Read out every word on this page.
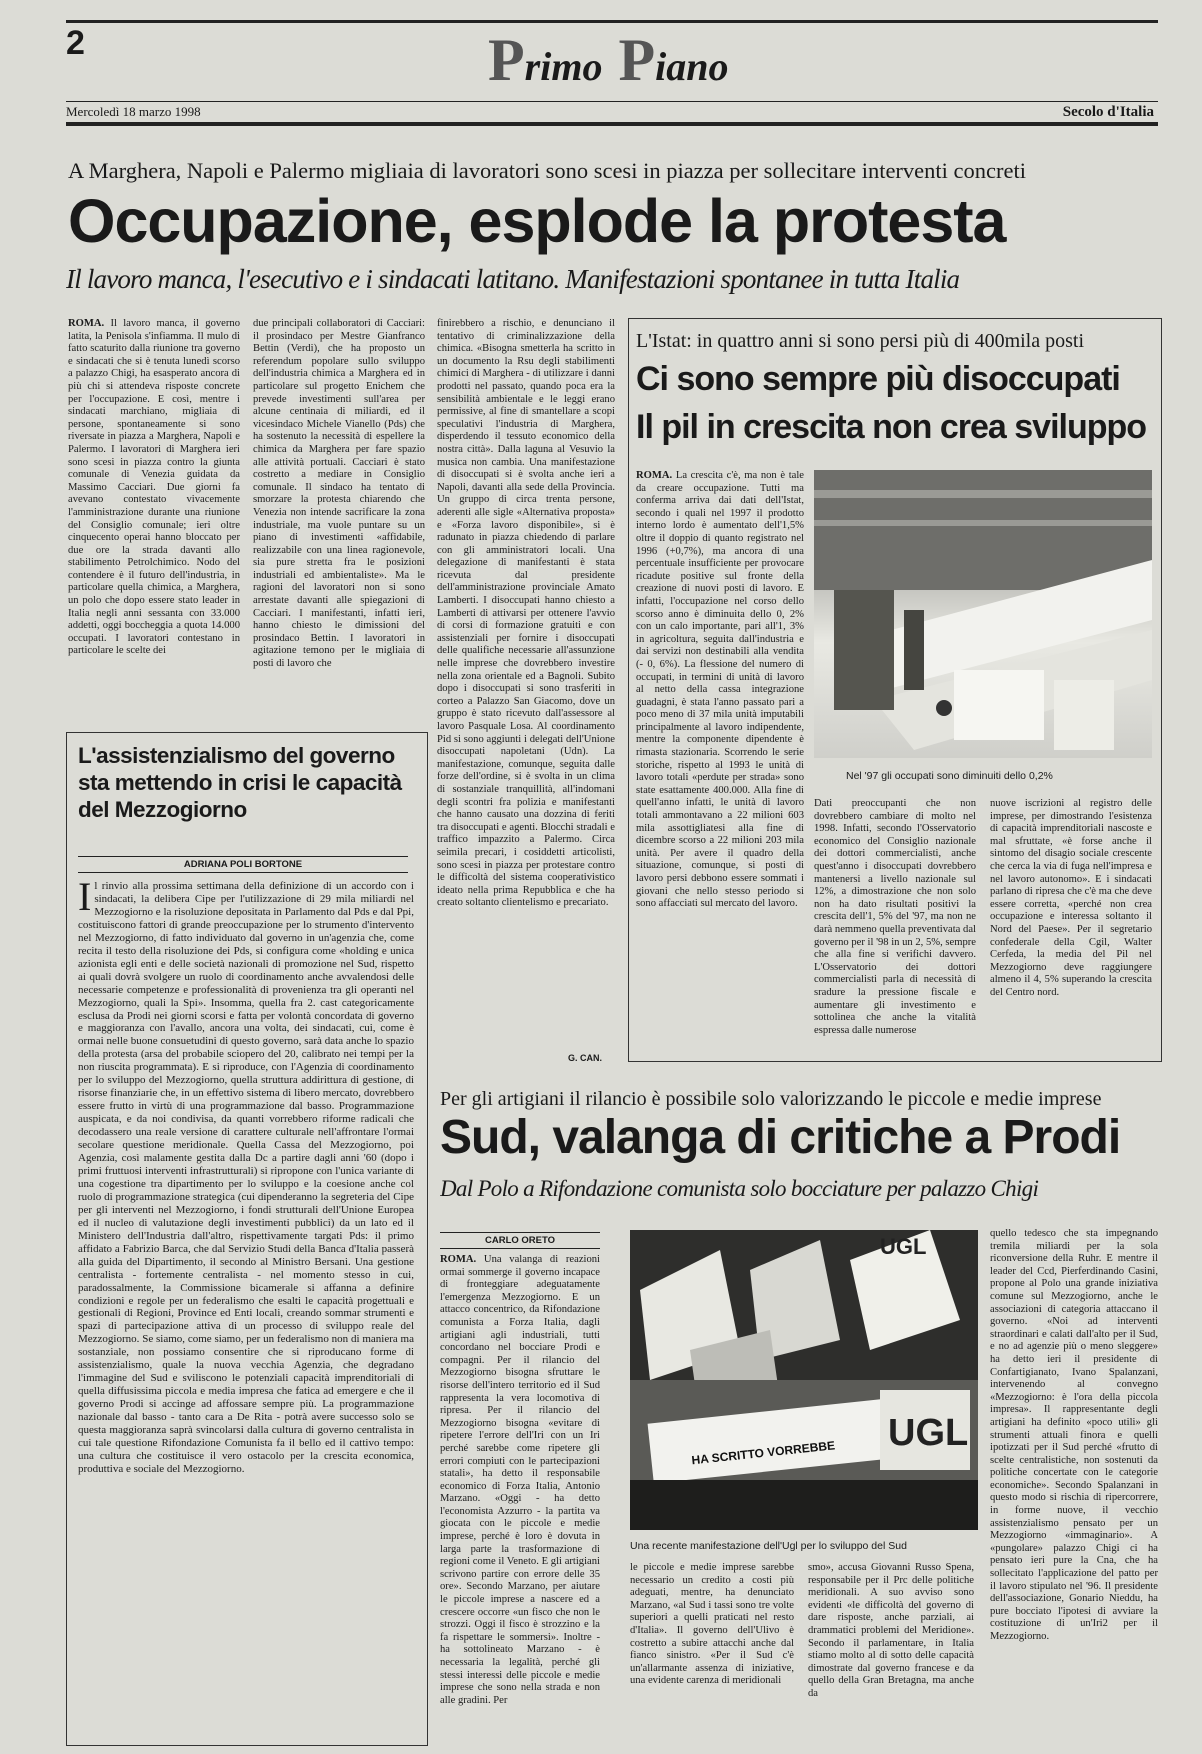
2	Primo Piano
Mercoledì 18 marzo 1998	Secolo d'Italia
A Marghera, Napoli e Palermo migliaia di lavoratori sono scesi in piazza per sollecitare interventi concreti
Occupazione, esplode la protesta
Il lavoro manca, l'esecutivo e i sindacati latitano. Manifestazioni spontanee in tutta Italia

ROMA. Il lavoro manca, il governo latita, la Penisola s'infiamma. Il mulo di fatto scaturito dalla riunione tra governo e sindacati che si è tenuta lunedì scorso a palazzo Chigi, ha esasperato ancora di più chi si attendeva risposte concrete per l'occupazione. E così, mentre i sindacati marchiano, migliaia di persone, spontaneamente si sono riversate in piazza a Marghera, Napoli e Palermo. I lavoratori di Marghera ieri sono scesi in piazza contro la giunta comunale di Venezia guidata da Massimo Cacciari. Due giorni fa avevano contestato vivacemente l'amministrazione durante una riunione del Consiglio comunale; ieri oltre cinquecento operai hanno bloccato per due ore la strada davanti allo stabilimento Petrolchimico. Nodo del contendere è il futuro dell'industria, in particolare quella chimica, a Marghera, un polo che dopo essere stato leader in Italia negli anni sessanta con 33.000 addetti, oggi boccheggia a quota 14.000 occupati. I lavoratori contestano in particolare le scelte dei

due principali collaboratori di Cacciari: il prosindaco per Mestre Gianfranco Bettin (Verdi), che ha proposto un referendum popolare sullo sviluppo dell'industria chimica a Marghera ed in particolare sul progetto Enichem che prevede investimenti sull'area per alcune centinaia di miliardi, ed il vicesindaco Michele Vianello (Pds) che ha sostenuto la necessità di espellere la chimica da Marghera per fare spazio alle attività portuali. Cacciari è stato costretto a mediare in Consiglio comunale. Il sindaco ha tentato di smorzare la protesta chiarendo che Venezia non intende sacrificare la zona industriale, ma vuole puntare su un piano di investimenti «affidabile, realizzabile con una linea ragionevole, sia pure stretta fra le posizioni industriali ed ambientaliste». Ma le ragioni del lavoratori non si sono arrestate davanti alle spiegazioni di Cacciari. I manifestanti, infatti ieri, hanno chiesto le dimissioni del prosindaco Bettin. I lavoratori in agitazione temono per le migliaia di posti di lavoro che

finirebbero a rischio, e denunciano il tentativo di criminalizzazione della chimica. «Bisogna smetterla ha scritto in un documento la Rsu degli stabilimenti chimici di Marghera - di utilizzare i danni prodotti nel passato, quando poca era la sensibilità ambientale e le leggi erano permissive, al fine di smantellare a scopi speculativi l'industria di Marghera, disperdendo il tessuto economico della nostra città». Dalla laguna al Vesuvio la musica non cambia. Una manifestazione di disoccupati si è svolta anche ieri a Napoli, davanti alla sede della Provincia. Un gruppo di circa trenta persone, aderenti alle sigle «Alternativa proposta» e «Forza lavoro disponibile», si è radunato in piazza chiedendo di parlare con gli amministratori locali. Una delegazione di manifestanti è stata ricevuta dal presidente dell'amministrazione provinciale Amato Lamberti. I disoccupati hanno chiesto a Lamberti di attivarsi per ottenere l'avvio di corsi di formazione gratuiti e con assistenziali per fornire i disoccupati delle qualifiche necessarie all'assunzione nelle imprese che dovrebbero investire nella zona orientale ed a Bagnoli. Subito dopo i disoccupati si sono trasferiti in corteo a Palazzo San Giacomo, dove un gruppo è stato ricevuto dall'assessore al lavoro Pasquale Losa. Al coordinamento Pid si sono aggiunti i delegati dell'Unione disoccupati napoletani (Udn). La manifestazione, comunque, seguita dalle forze dell'ordine, si è svolta in un clima di sostanziale tranquillità, all'indomani degli scontri fra polizia e manifestanti che hanno causato una dozzina di feriti tra disoccupati e agenti. Blocchi stradali e traffico impazzito a Palermo. Circa seimila precari, i cosiddetti articolisti, sono scesi in piazza per protestare contro le difficoltà del sistema cooperativistico ideato nella prima Repubblica e che ha creato soltanto clientelismo e precariato.

G. CAN.
L'Istat: in quattro anni si sono persi più di 400mila posti
Ci sono sempre più disoccupati
Il pil in crescita non crea sviluppo

ROMA. La crescita c'è, ma non è tale da creare occupazione. Tutti ma conferma arriva dai dati dell'Istat, secondo i quali nel 1997 il prodotto interno lordo è aumentato dell'1,5% oltre il doppio di quanto registrato nel 1996 (+0,7%), ma ancora di una percentuale insufficiente per provocare ricadute positive sul fronte della creazione di nuovi posti di lavoro. E infatti, l'occupazione nel corso dello scorso anno è diminuita dello 0, 2% con un calo importante, pari all'1, 3% in agricoltura, seguita dall'industria e dai servizi non destinabili alla vendita (- 0, 6%). La flessione del numero di occupati, in termini di unità di lavoro al netto della cassa integrazione guadagni, è stata l'anno passato pari a poco meno di 37 mila unità imputabili principalmente al lavoro indipendente, mentre la componente dipendente è rimasta stazionaria. Scorrendo le serie storiche, rispetto al 1993 le unità di lavoro totali «perdute per strada» sono state esattamente 400.000. Alla fine di quell'anno infatti, le unità di lavoro totali ammontavano a 22 milioni 603 mila assottigliatesi alla fine di dicembre scorso a 22 milioni 203 mila unità. Per avere il quadro della situazione, comunque, si posti di lavoro persi debbono essere sommati i giovani che nello stesso periodo si sono affacciati sul mercato del lavoro.

Nel '97 gli occupati sono diminuiti dello 0,2%

Dati preoccupanti che non dovrebbero cambiare di molto nel 1998. Infatti, secondo l'Osservatorio economico del Consiglio nazionale dei dottori commercialisti, anche quest'anno i disoccupati dovrebbero mantenersi a livello nazionale sul 12%, a dimostrazione che non solo non ha dato risultati positivi la crescita dell'1, 5% del '97, ma non ne darà nemmeno quella preventivata dal governo per il '98 in un 2, 5%, sempre che alla fine si verifichi davvero. L'Osservatorio dei dottori commercialisti parla di necessità di sradure la pressione fiscale e aumentare gli investimento e sottolinea che anche la vitalità espressa dalle numerose

nuove iscrizioni al registro delle imprese, per dimostrando l'esistenza di capacità imprenditoriali nascoste e mal sfruttate, «è forse anche il sintomo del disagio sociale crescente che cerca la via di fuga nell'impresa e nel lavoro autonomo». E i sindacati parlano di ripresa che c'è ma che deve essere corretta, «perché non crea occupazione e interessa soltanto il Nord del Paese». Per il segretario confederale della Cgil, Walter Cerfeda, la media del Pil nel Mezzogiorno deve raggiungere almeno il 4, 5% superando la crescita del Centro nord.

L'assistenzialismo del governo sta mettendo in crisi le capacità del Mezzogiorno
ADRIANA POLI BORTONE

Il rinvio alla prossima settimana della definizione di un accordo con i sindacati, la delibera Cipe per l'utilizzazione di 29 mila miliardi nel Mezzogiorno e la risoluzione depositata in Parlamento dal Pds e dal Ppi, costituiscono fattori di grande preoccupazione per lo strumento d'intervento nel Mezzogiorno, di fatto individuato dal governo in un'agenzia che, come recita il testo della risoluzione dei Pds, si configura come «holding e unica azionista egli enti e delle società nazionali di promozione nel Sud, rispetto ai quali dovrà svolgere un ruolo di coordinamento anche avvalendosi delle necessarie competenze e professionalità di provenienza tra gli operanti nel Mezzogiorno, quali la Spi». Insomma, quella fra 2. cast categoricamente esclusa da Prodi nei giorni scorsi e fatta per volontà concordata di governo e maggioranza con l'avallo, ancora una volta, dei sindacati, cui, come è ormai nelle buone consuetudini di questo governo, sarà data anche lo spazio della protesta (arsa del probabile sciopero del 20, calibrato nei tempi per la non riuscita programmata). E si riproduce, con l'Agenzia di coordinamento per lo sviluppo del Mezzogiorno, quella struttura addirittura di gestione, di risorse finanziarie che, in un effettivo sistema di libero mercato, dovrebbero essere frutto in virtù di una programmazione dal basso. Programmazione auspicata, e da noi condivisa, da quanti vorrebbero riforme radicali che decodassero una reale versione di carattere culturale nell'affrontare l'ormai secolare questione meridionale. Quella Cassa del Mezzogiorno, poi Agenzia, così malamente gestita dalla Dc a partire dagli anni '60 (dopo i primi fruttuosi interventi infrastrutturali) si ripropone con l'unica variante di una cogestione tra dipartimento per lo sviluppo e la coesione anche col ruolo di programmazione strategica (cui dipenderanno la segreteria del Cipe per gli interventi nel Mezzogiorno, i fondi strutturali dell'Unione Europea ed il nucleo di valutazione degli investimenti pubblici) da un lato ed il Ministero dell'Industria dall'altro, rispettivamente targati Pds: il primo affidato a Fabrizio Barca, che dal Servizio Studi della Banca d'Italia passerà alla guida del Dipartimento, il secondo al Ministro Bersani. Una gestione centralista - fortemente centralista - nel momento stesso in cui, paradossalmente, la Commissione bicamerale si affanna a definire condizioni e regole per un federalismo che esalti le capacità progettuali e gestionali di Regioni, Province ed Enti locali, creando sommar strumenti e spazi di partecipazione attiva di un processo di sviluppo reale del Mezzogiorno. Se siamo, come siamo, per un federalismo non di maniera ma sostanziale, non possiamo consentire che si riproducano forme di assistenzialismo, quale la nuova vecchia Agenzia, che degradano l'immagine del Sud e sviliscono le potenziali capacità imprenditoriali di quella diffusissima piccola e media impresa che fatica ad emergere e che il governo Prodi si accinge ad affossare sempre più. La programmazione nazionale dal basso - tanto cara a De Rita - potrà avere successo solo se questa maggioranza saprà svincolarsi dalla cultura di governo centralista in cui tale questione Rifondazione Comunista fa il bello ed il cattivo tempo: una cultura che costituisce il vero ostacolo per la crescita economica, produttiva e sociale del Mezzogiorno.

Per gli artigiani il rilancio è possibile solo valorizzando le piccole e medie imprese
Sud, valanga di critiche a Prodi
Dal Polo a Rifondazione comunista solo bocciature per palazzo Chigi
CARLO ORETO

ROMA. Una valanga di reazioni ormai sommerge il governo incapace di fronteggiare adeguatamente l'emergenza Mezzogiorno. E un attacco concentrico, da Rifondazione comunista a Forza Italia, dagli artigiani agli industriali, tutti concordano nel bocciare Prodi e compagni. Per il rilancio del Mezzogiorno bisogna sfruttare le risorse dell'intero territorio ed il Sud rappresenta la vera locomotiva di ripresa. Per il rilancio del Mezzogiorno bisogna «evitare di ripetere l'errore dell'Iri con un Iri perché sarebbe come ripetere gli errori compiuti con le partecipazioni statali», ha detto il responsabile economico di Forza Italia, Antonio Marzano. «Oggi - ha detto l'economista Azzurro - la partita va giocata con le piccole e medie imprese, perché è loro è dovuta in larga parte la trasformazione di regioni come il Veneto. E gli artigiani scrivono partire con errore delle 35 ore». Secondo Marzano, per aiutare le piccole imprese a nascere ed a crescere occorre «un fisco che non le strozzi. Oggi il fisco è strozzino e la fa rispettare le sommersi». Inoltre - ha sottolineato Marzano - è necessaria la legalità, perché gli stessi interessi delle piccole e medie imprese che sono nella strada e non alle gradini. Per

HA SCRITTO VORREBBE UGL
UGL
Una recente manifestazione dell'Ugl per lo sviluppo del Sud

le piccole e medie imprese sarebbe necessario un credito a costi più adeguati, mentre, ha denunciato Marzano, «al Sud i tassi sono tre volte superiori a quelli praticati nel resto d'Italia». Il governo dell'Ulivo è costretto a subire attacchi anche dal fianco sinistro. «Per il Sud c'è un'allarmante assenza di iniziative, una evidente carenza di meridionali

smo», accusa Giovanni Russo Spena, responsabile per il Prc delle politiche meridionali. A suo avviso sono evidenti «le difficoltà del governo di dare risposte, anche parziali, ai drammatici problemi del Meridione». Secondo il parlamentare, in Italia stiamo molto al di sotto delle capacità dimostrate dal governo francese e da quello della Gran Bretagna, ma anche da

quello tedesco che sta impegnando tremila miliardi per la sola riconversione della Ruhr. E mentre il leader del Ccd, Pierferdinando Casini, propone al Polo una grande iniziativa comune sul Mezzogiorno, anche le associazioni di categoria attaccano il governo. «Noi ad interventi straordinari e calati dall'alto per il Sud, e no ad agenzie più o meno sleggere» ha detto ieri il presidente di Confartigianato, Ivano Spalanzani, intervenendo al convegno «Mezzogiorno: è l'ora della piccola impresa». Il rappresentante degli artigiani ha definito «poco utili» gli strumenti attuali finora e quelli ipotizzati per il Sud perché «frutto di scelte centralistiche, non sostenuti da politiche concertate con le categorie economiche». Secondo Spalanzani in questo modo si rischia di ripercorrere, in forme nuove, il vecchio assistenzialismo pensato per un Mezzogiorno «immaginario». A «pungolare» palazzo Chigi ci ha pensato ieri pure la Cna, che ha sollecitato l'applicazione del patto per il lavoro stipulato nel '96. Il presidente dell'associazione, Gonario Nieddu, ha pure bocciato l'ipotesi di avviare la costituzione di un'Iri2 per il Mezzogiorno.
